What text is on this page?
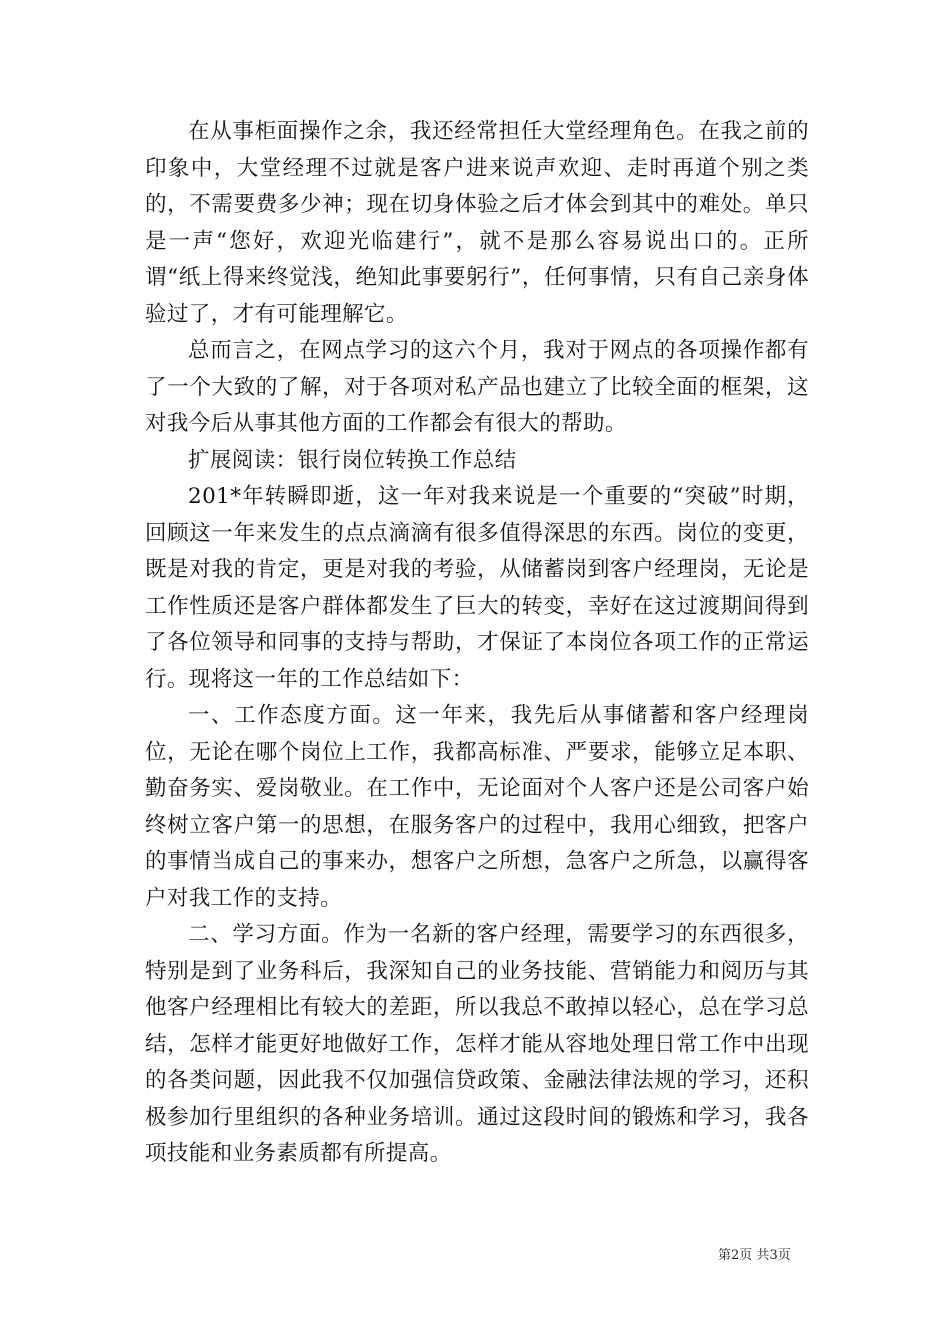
在从事柜面操作之余，我还经常担任大堂经理角色。在我之前的印象中，大堂经理不过就是客户进来说声欢迎、走时再道个别之类的，不需要费多少神；现在切身体验之后才体会到其中的难处。单只是一声“您好，欢迎光临建行”，就不是那么容易说出口的。正所谓“纸上得来终觉浅，绝知此事要躬行”，任何事情，只有自己亲身体验过了，才有可能理解它。

总而言之，在网点学习的这六个月，我对于网点的各项操作都有了一个大致的了解，对于各项对私产品也建立了比较全面的框架，这对我今后从事其他方面的工作都会有很大的帮助。

扩展阅读：银行岗位转换工作总结

201*年转瞬即逝，这一年对我来说是一个重要的“突破”时期，回顾这一年来发生的点点滴滴有很多值得深思的东西。岗位的变更，既是对我的肯定，更是对我的考验，从储蓄岗到客户经理岗，无论是工作性质还是客户群体都发生了巨大的转变，幸好在这过渡期间得到了各位领导和同事的支持与帮助，才保证了本岗位各项工作的正常运行。现将这一年的工作总结如下：

一、工作态度方面。这一年来，我先后从事储蓄和客户经理岗位，无论在哪个岗位上工作，我都高标准、严要求，能够立足本职、勤奋务实、爱岗敬业。在工作中，无论面对个人客户还是公司客户始终树立客户第一的思想，在服务客户的过程中，我用心细致，把客户的事情当成自己的事来办，想客户之所想，急客户之所急，以赢得客户对我工作的支持。

二、学习方面。作为一名新的客户经理，需要学习的东西很多，特别是到了业务科后，我深知自己的业务技能、营销能力和阅历与其他客户经理相比有较大的差距，所以我总不敢掉以轻心，总在学习总结，怎样才能更好地做好工作，怎样才能从容地处理日常工作中出现的各类问题，因此我不仅加强信贷政策、金融法律法规的学习，还积极参加行里组织的各种业务培训。通过这段时间的锻炼和学习，我各项技能和业务素质都有所提高。

第2页 共3页
